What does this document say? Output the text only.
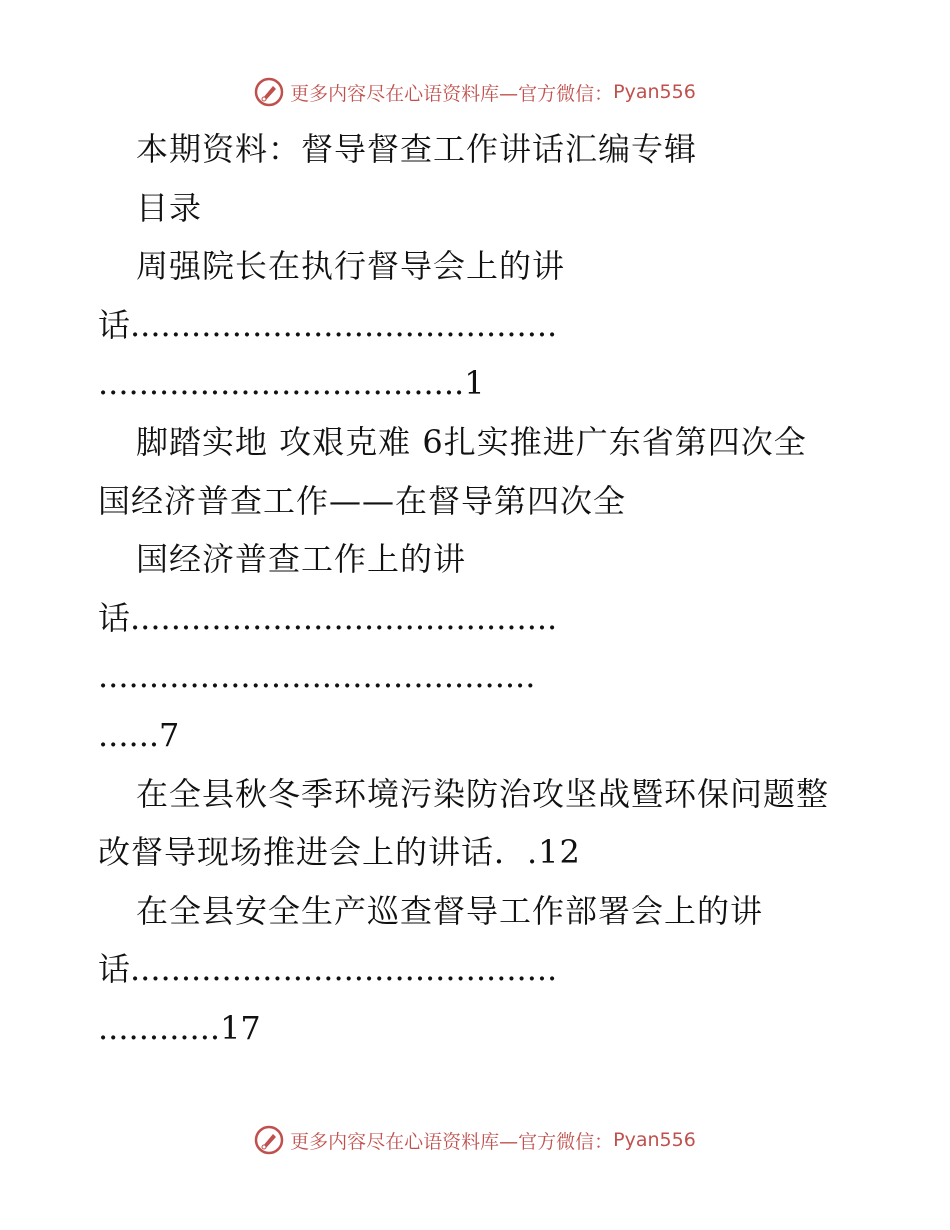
更多内容尽在心语资料库—官方微信： Pyan556
本期资料：督导督查工作讲话汇编专辑
目录
周强院长在执行督导会上的讲
话..........................................
....................................1
脚踏实地 攻艰克难 6扎实推进广东省第四次全
国经济普查工作——在督导第四次全
国经济普查工作上的讲
话..........................................
...........................................
......7
在全县秋冬季环境污染防治攻坚战暨环保问题整
改督导现场推进会上的讲话．.12
在全县安全生产巡查督导工作部署会上的讲
话..........................................
............17
更多内容尽在心语资料库—官方微信： Pyan556
